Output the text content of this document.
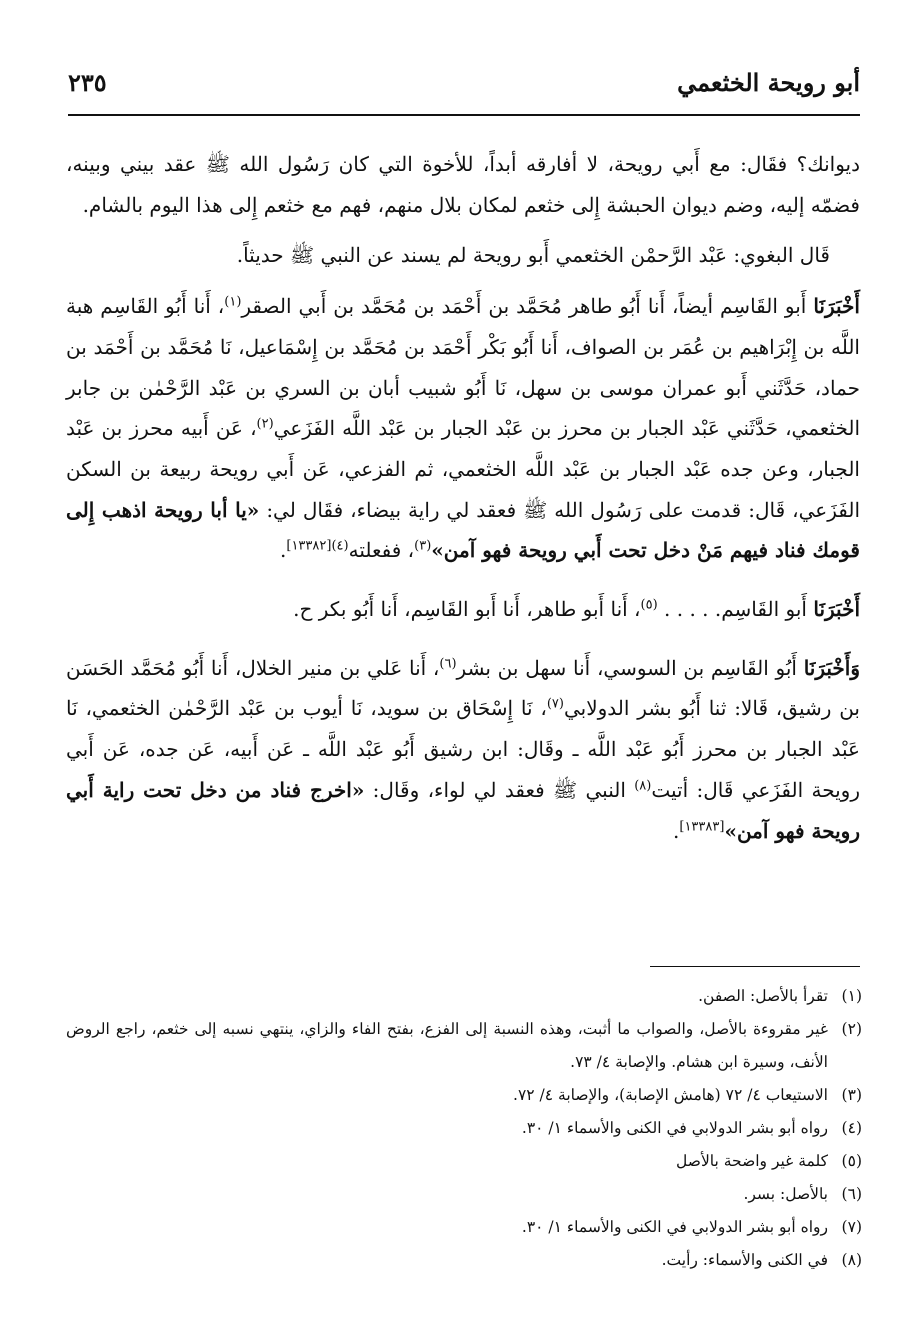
أبو رويحة الخثعمي
٢٣٥

ديوانك؟ فقَال: مع أَبي رويحة، لا أفارقه أبداً، للأخوة التي كان رَسُول الله ﷺ عقد بيني وبينه، فضمّه إليه، وضم ديوان الحبشة إِلى خثعم لمكان بلال منهم، فهم مع خثعم إِلى هذا اليوم بالشام.

قَال البغوي: عَبْد الرَّحمْن الخثعمي أَبو رويحة لم يسند عن النبي ﷺ حديثاً.

أَخْبَرَنَا أَبو القَاسِم أيضاً، أَنا أَبُو طاهر مُحَمَّد بن أَحْمَد بن مُحَمَّد بن أَبي الصقر$^{(١)}$، أَنا أَبُو القَاسِم هبة اللَّه بن إِبْرَاهيم بن عُمَر بن الصواف، أَنا أَبُو بَكْر أَحْمَد بن مُحَمَّد بن إِسْمَاعيل، نَا مُحَمَّد بن أَحْمَد بن حماد، حَدَّثَني أَبو عمران موسى بن سهل، نَا أَبُو شبيب أبان بن السري بن عَبْد الرَّحْمٰن بن جابر الخثعمي، حَدَّثَني عَبْد الجبار بن محرز بن عَبْد الجبار بن عَبْد اللَّه الفَزَعي$^{(٢)}$، عَن أَبيه محرز بن عَبْد الجبار، وعن جده عَبْد الجبار بن عَبْد اللَّه الخثعمي، ثم الفزعي، عَن أَبي رويحة ربيعة بن السكن الفَزَعي، قَال: قدمت على رَسُول الله ﷺ فعقد لي راية بيضاء، فقَال لي: «يا أبا رويحة اذهب إِلى قومك فناد فيهم مَنْ دخل تحت أَبي رويحة فهو آمن»$^{(٣)}$، ففعلته$^{(٤)[١٣٣٨٢]}$.

أَخْبَرَنَا أَبو القَاسِم. . . . . $^{(٥)}$، أَنا أَبو طاهر، أَنا أَبو القَاسِم، أَنا أَبُو بكر ح.

وَأَخْبَرَنَا أَبُو القَاسِم بن السوسي، أَنا سهل بن بشر$^{(٦)}$، أَنا عَلي بن منير الخلال، أَنا أَبُو مُحَمَّد الحَسَن بن رشيق، قَالا: ثنا أَبُو بشر الدولابي$^{(٧)}$، نَا إِسْحَاق بن سويد، نَا أيوب بن عَبْد الرَّحْمٰن الخثعمي، نَا عَبْد الجبار بن محرز أَبُو عَبْد اللَّه ـ وقَال: ابن رشيق أَبُو عَبْد اللَّه ـ عَن أَبيه، عَن جده، عَن أَبي رويحة الفَزَعي قَال: أتيت$^{(٨)}$ النبي ﷺ فعقد لي لواء، وقَال: «اخرج فناد من دخل تحت راية أَبي رويحة فهو آمن»[١٣٣٨٣].

(١)
تقرأ بالأصل: الصفن.
(٢)
غير مقروءة بالأصل، والصواب ما أثبت، وهذه النسبة إلى الفزع، بفتح الفاء والزاي، ينتهي نسبه إلى خثعم، راجع الروض الأنف، وسيرة ابن هشام. والإصابة ٤/ ٧٣.
(٣)
الاستيعاب ٤/ ٧٢ (هامش الإصابة)، والإصابة ٤/ ٧٢.
(٤)
رواه أبو بشر الدولابي في الكنى والأسماء ١/ ٣٠.
(٥)
كلمة غير واضحة بالأصل
(٦)
بالأصل: بسر.
(٧)
رواه أبو بشر الدولابي في الكنى والأسماء ١/ ٣٠.
(٨)
في الكنى والأسماء: رأيت.
